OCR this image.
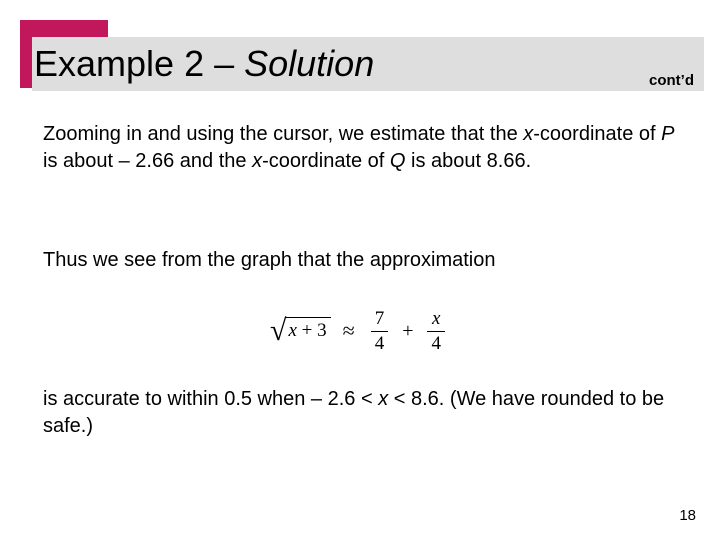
Example 2 – Solution	cont’d
Zooming in and using the cursor, we estimate that the x-coordinate of P is about – 2.66 and the x-coordinate of Q is about 8.66.
Thus we see from the graph that the approximation
√ $x + 3 \approx \frac{7}{4} + \frac{x}{4}$
is accurate to within 0.5 when – 2.6 < x < 8.6. (We have rounded to be safe.)
18
